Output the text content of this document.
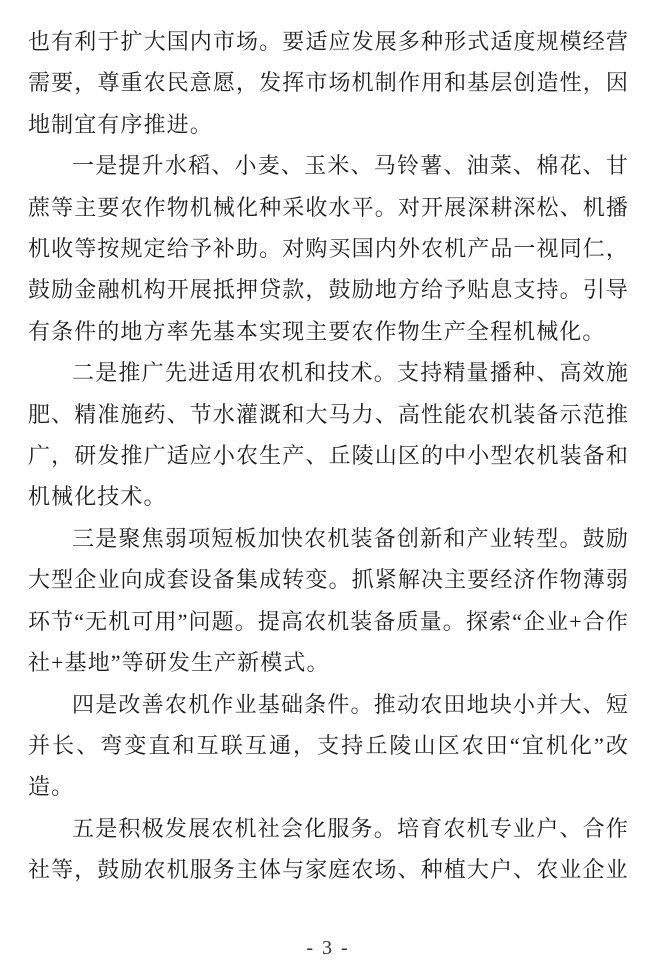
也有利于扩大国内市场。要适应发展多种形式适度规模经营需要，尊重农民意愿，发挥市场机制作用和基层创造性，因地制宜有序推进。

一是提升水稻、小麦、玉米、马铃薯、油菜、棉花、甘蔗等主要农作物机械化种采收水平。对开展深耕深松、机播机收等按规定给予补助。对购买国内外农机产品一视同仁，鼓励金融机构开展抵押贷款，鼓励地方给予贴息支持。引导有条件的地方率先基本实现主要农作物生产全程机械化。

二是推广先进适用农机和技术。支持精量播种、高效施肥、精准施药、节水灌溉和大马力、高性能农机装备示范推广，研发推广适应小农生产、丘陵山区的中小型农机装备和机械化技术。

三是聚焦弱项短板加快农机装备创新和产业转型。鼓励大型企业向成套设备集成转变。抓紧解决主要经济作物薄弱环节“无机可用”问题。提高农机装备质量。探索“企业+合作社+基地”等研发生产新模式。

四是改善农机作业基础条件。推动农田地块小并大、短并长、弯变直和互联互通，支持丘陵山区农田“宜机化”改造。

五是积极发展农机社会化服务。培育农机专业户、合作社等，鼓励农机服务主体与家庭农场、种植大户、农业企业

- 3 -
